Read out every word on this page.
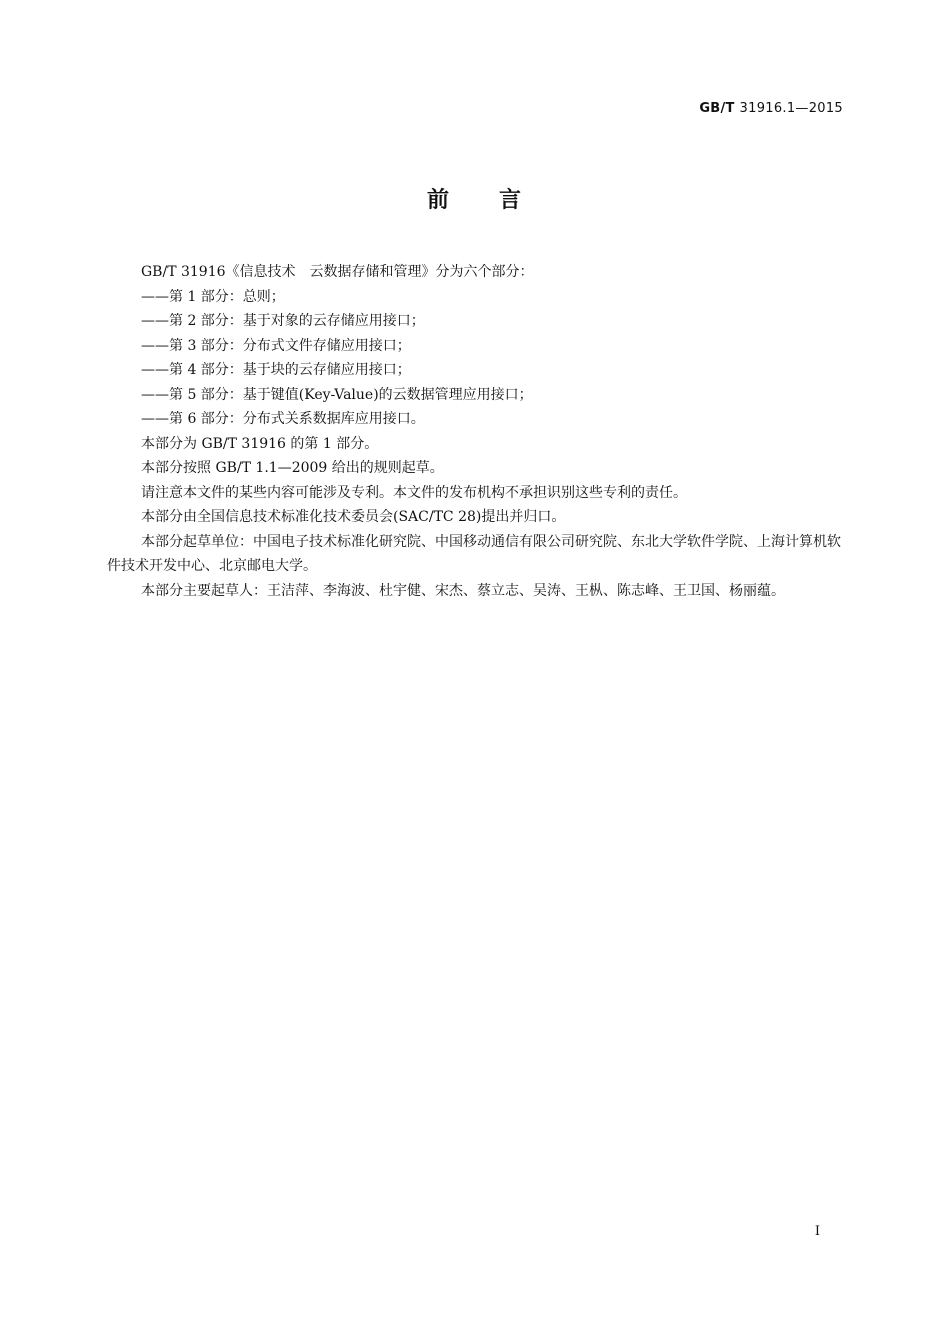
GB/T 31916.1—2015
前　　言

GB/T 31916《信息技术　云数据存储和管理》分为六个部分：

——第 1 部分：总则；

——第 2 部分：基于对象的云存储应用接口；

——第 3 部分：分布式文件存储应用接口；

——第 4 部分：基于块的云存储应用接口；

——第 5 部分：基于键值(Key-Value)的云数据管理应用接口；

——第 6 部分：分布式关系数据库应用接口。

本部分为 GB/T 31916 的第 1 部分。

本部分按照 GB/T 1.1—2009 给出的规则起草。

请注意本文件的某些内容可能涉及专利。本文件的发布机构不承担识别这些专利的责任。

本部分由全国信息技术标准化技术委员会(SAC/TC 28)提出并归口。

本部分起草单位：中国电子技术标准化研究院、中国移动通信有限公司研究院、东北大学软件学院、上海计算机软件技术开发中心、北京邮电大学。

本部分主要起草人：王洁萍、李海波、杜宇健、宋杰、蔡立志、吴涛、王枞、陈志峰、王卫国、杨丽蕴。

I
